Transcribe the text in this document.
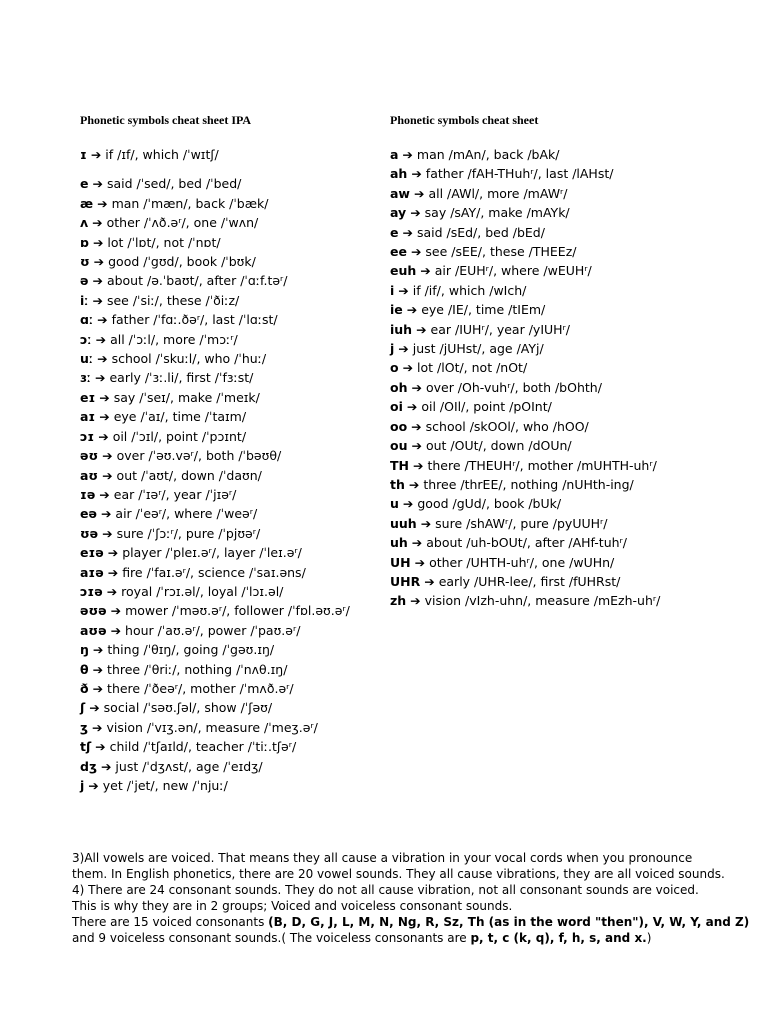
Phonetic symbols cheat sheet IPA
ɪ ➔ if /ɪf/, which /ˈwɪtʃ/
e ➔ said /ˈsed/, bed /ˈbed/
æ ➔ man /ˈmæn/, back /ˈbæk/
ʌ ➔ other /ˈʌð.əʳ/, one /ˈwʌn/
ɒ ➔ lot /ˈlɒt/, not /ˈnɒt/
ʊ ➔ good /ˈgʊd/, book /ˈbʊk/
ə ➔ about /ə.ˈbaʊt/, after /ˈɑːf.təʳ/
iː ➔ see /ˈsiː/, these /ˈðiːz/
ɑː ➔ father /ˈfɑː.ðəʳ/, last /ˈlɑːst/
ɔː ➔ all /ˈɔːl/, more /ˈmɔːʳ/
uː ➔ school /ˈskuːl/, who /ˈhuː/
ɜː ➔ early /ˈɜː.li/, first /ˈfɜːst/
eɪ ➔ say /ˈseɪ/, make /ˈmeɪk/
aɪ ➔ eye /ˈaɪ/, time /ˈtaɪm/
ɔɪ ➔ oil /ˈɔɪl/, point /ˈpɔɪnt/
əʊ ➔ over /ˈəʊ.vəʳ/, both /ˈbəʊθ/
aʊ ➔ out /ˈaʊt/, down /ˈdaʊn/
ɪə ➔ ear /ˈɪəʳ/, year /ˈjɪəʳ/
eə ➔ air /ˈeəʳ/, where /ˈweəʳ/
ʊə ➔ sure /ˈʃɔːʳ/, pure /ˈpjʊəʳ/
eɪə ➔ player /ˈpleɪ.əʳ/, layer /ˈleɪ.əʳ/
aɪə ➔ fire /ˈfaɪ.əʳ/, science /ˈsaɪ.əns/
ɔɪə ➔ royal /ˈrɔɪ.əl/, loyal /ˈlɔɪ.əl/
əʊə ➔ mower /ˈməʊ.əʳ/, follower /ˈfɒl.əʊ.əʳ/
aʊə ➔ hour /ˈaʊ.əʳ/, power /ˈpaʊ.əʳ/
ŋ ➔ thing /ˈθɪŋ/, going /ˈgəʊ.ɪŋ/
θ ➔ three /ˈθriː/, nothing /ˈnʌθ.ɪŋ/
ð ➔ there /ˈðeəʳ/, mother /ˈmʌð.əʳ/
ʃ ➔ social /ˈsəʊ.ʃəl/, show /ˈʃəʊ/
ʒ ➔ vision /ˈvɪʒ.ən/, measure /ˈmeʒ.əʳ/
tʃ ➔ child /ˈtʃaɪld/, teacher /ˈtiː.tʃəʳ/
dʒ ➔ just /ˈdʒʌst/, age /ˈeɪdʒ/
j ➔ yet /ˈjet/, new /ˈnjuː/
Phonetic symbols cheat sheet
a ➔ man /mAn/, back /bAk/
ah ➔ father /fAH-THuhʳ/, last /lAHst/
aw ➔ all /AWl/, more /mAWʳ/
ay ➔ say /sAY/, make /mAYk/
e ➔ said /sEd/, bed /bEd/
ee ➔ see /sEE/, these /THEEz/
euh ➔ air /EUHʳ/, where /wEUHʳ/
i ➔ if /if/, which /wIch/
ie ➔ eye /IE/, time /tIEm/
iuh ➔ ear /IUHʳ/, year /yIUHʳ/
j ➔ just /jUHst/, age /AYj/
o ➔ lot /lOt/, not /nOt/
oh ➔ over /Oh-vuhʳ/, both /bOhth/
oi ➔ oil /OIl/, point /pOInt/
oo ➔ school /skOOl/, who /hOO/
ou ➔ out /OUt/, down /dOUn/
TH ➔ there /THEUHʳ/, mother /mUHTH-uhʳ/
th ➔ three /thrEE/, nothing /nUHth-ing/
u ➔ good /gUd/, book /bUk/
uuh ➔ sure /shAWʳ/, pure /pyUUHʳ/
uh ➔ about /uh-bOUt/, after /AHf-tuhʳ/
UH ➔ other /UHTH-uhʳ/, one /wUHn/
UHR ➔ early /UHR-lee/, first /fUHRst/
zh ➔ vision /vIzh-uhn/, measure /mEzh-uhʳ/
3)All vowels are voiced. That means they all cause a vibration in your vocal cords when you pronounce
them. In English phonetics, there are 20 vowel sounds. They all cause vibrations, they are all voiced sounds.
4) There are 24 consonant sounds. They do not all cause vibration, not all consonant sounds are voiced.
This is why they are in 2 groups; Voiced and voiceless consonant sounds.
There are 15 voiced consonants (B, D, G, J, L, M, N, Ng, R, Sz, Th (as in the word "then"), V, W, Y, and Z)
and 9 voiceless consonant sounds.( The voiceless consonants are p, t, c (k, q), f, h, s, and x.)
